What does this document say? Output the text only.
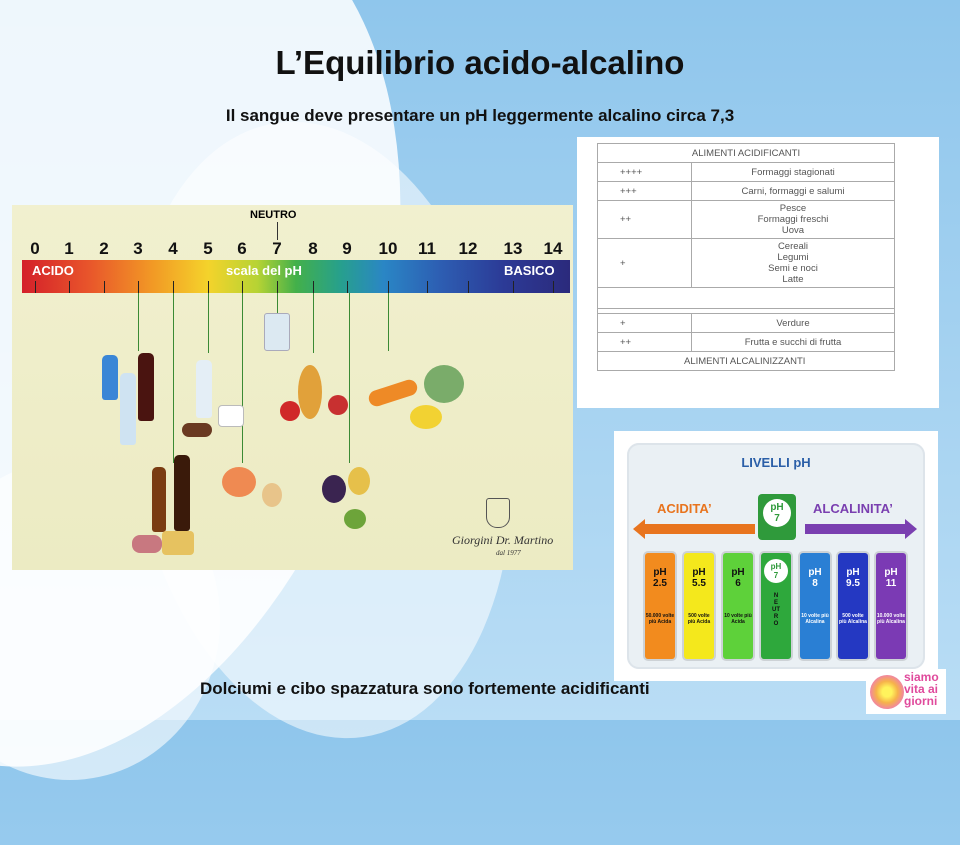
L’Equilibrio acido-alcalino
Il sangue deve presentare un pH leggermente alcalino circa 7,3
NEUTRO
0 1 2 3 4 5 6 7 8 9 10 11 12 13 14
ACIDO	scala del pH	BASICO
Giorgini Dr. Martino
dal 1977
ALIMENTI ACIDIFICANTI	
++++	Formaggi stagionati
+++	Carni, formaggi e salumi
++	Pesce
Formaggi freschi
Uova

+	Cereali
Legumi
Semi e noci
Latte

+	Verdure
++	Frutta e succhi di frutta
ALIMENTI ALCALINIZZANTI	
LIVELLI pH
ACIDITA’	ALCALINITA’
pH
7
pH
2.5
50.000 volte più Acida
pH
5.5
500 volte più Acida
pH
6
10 volte più Acida
pH
7
NEUTRO
pH
8
10 volte più Alcalina
pH
9.5
500 volte più Alcalina
pH
11
10.000 volte più Alcalina
Dolciumi e cibo spazzatura sono fortemente acidificanti
siamo
vita ai
giorni
